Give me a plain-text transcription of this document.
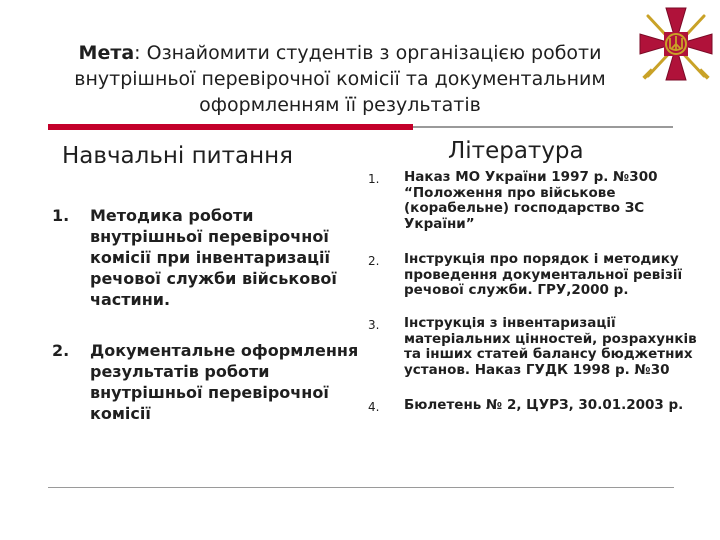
Мета: Ознайомити студентів з організацією роботи
внутрішньої перевірочної комісії та документальним
оформленням її результатів
Навчальні питання	Література
1. Методика роботи внутрішньої перевірочної комісії при інвентаризації речової служби військової частини.
2. Документальне оформлення результатів роботи внутрішньої перевірочної комісії
1. Наказ МО України 1997 р. №300 “Положення про військове (корабельне) господарство ЗС України”
2. Інструкція про порядок і методику проведення документальної ревізії речової служби. ГРУ,2000 р.
3. Інструкція з інвентаризації матеріальних цінностей, розрахунків та інших статей балансу бюджетних установ. Наказ ГУДК 1998 р. №30
4. Бюлетень № 2, ЦУРЗ, 30.01.2003 р.
